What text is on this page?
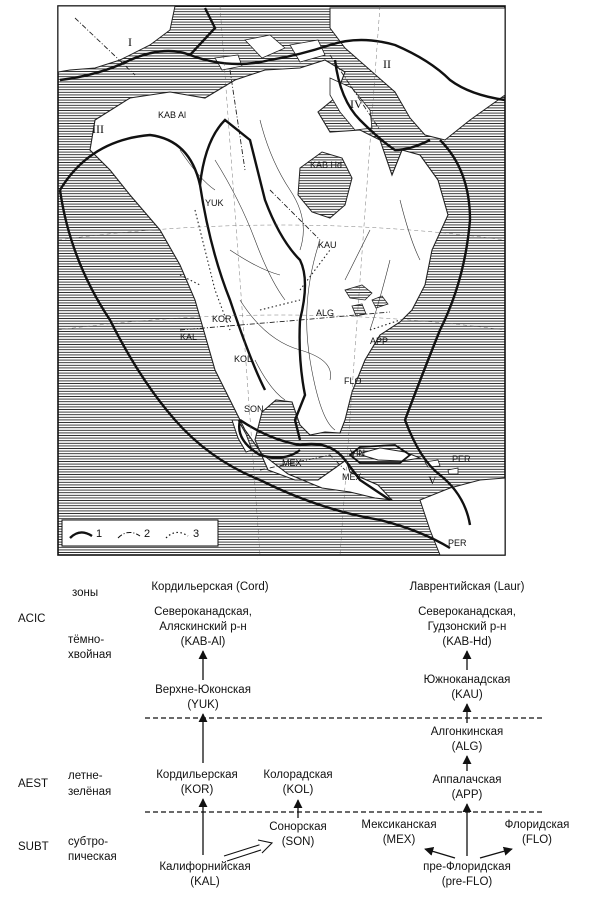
I
II
III
IV
V
KAB Al
KAB Hd
YUK
KAU
KOR
ALG
KAL	APP
KOL
FLO
SON
MEX
VIN
MEX
PER
PER
1	2	3
зоны	Кордильерская (Cord)	Лаврентийская (Laur)
ACIC
тёмно-
хвойная
AEST
летне-
зелёная
SUBT субтро-
пическая
Североканадская,
Аляскинский р-н
(KAB-Al)
Верхне-Юконская
(YUK)
Кордильерская
(KOR)
Колорадская
(KOL)
Сонорская
(SON)
Калифорнийская
(KAL)
Североканадская,
Гудзонский р-н
(KAB-Hd)
Южноканадская
(KAU)
Алгонкинская
(ALG)
Аппалачская
(APP)
Мексиканская
(MEX)
Флоридская
(FLO)
пре-Флоридская
(pre-FLO)
